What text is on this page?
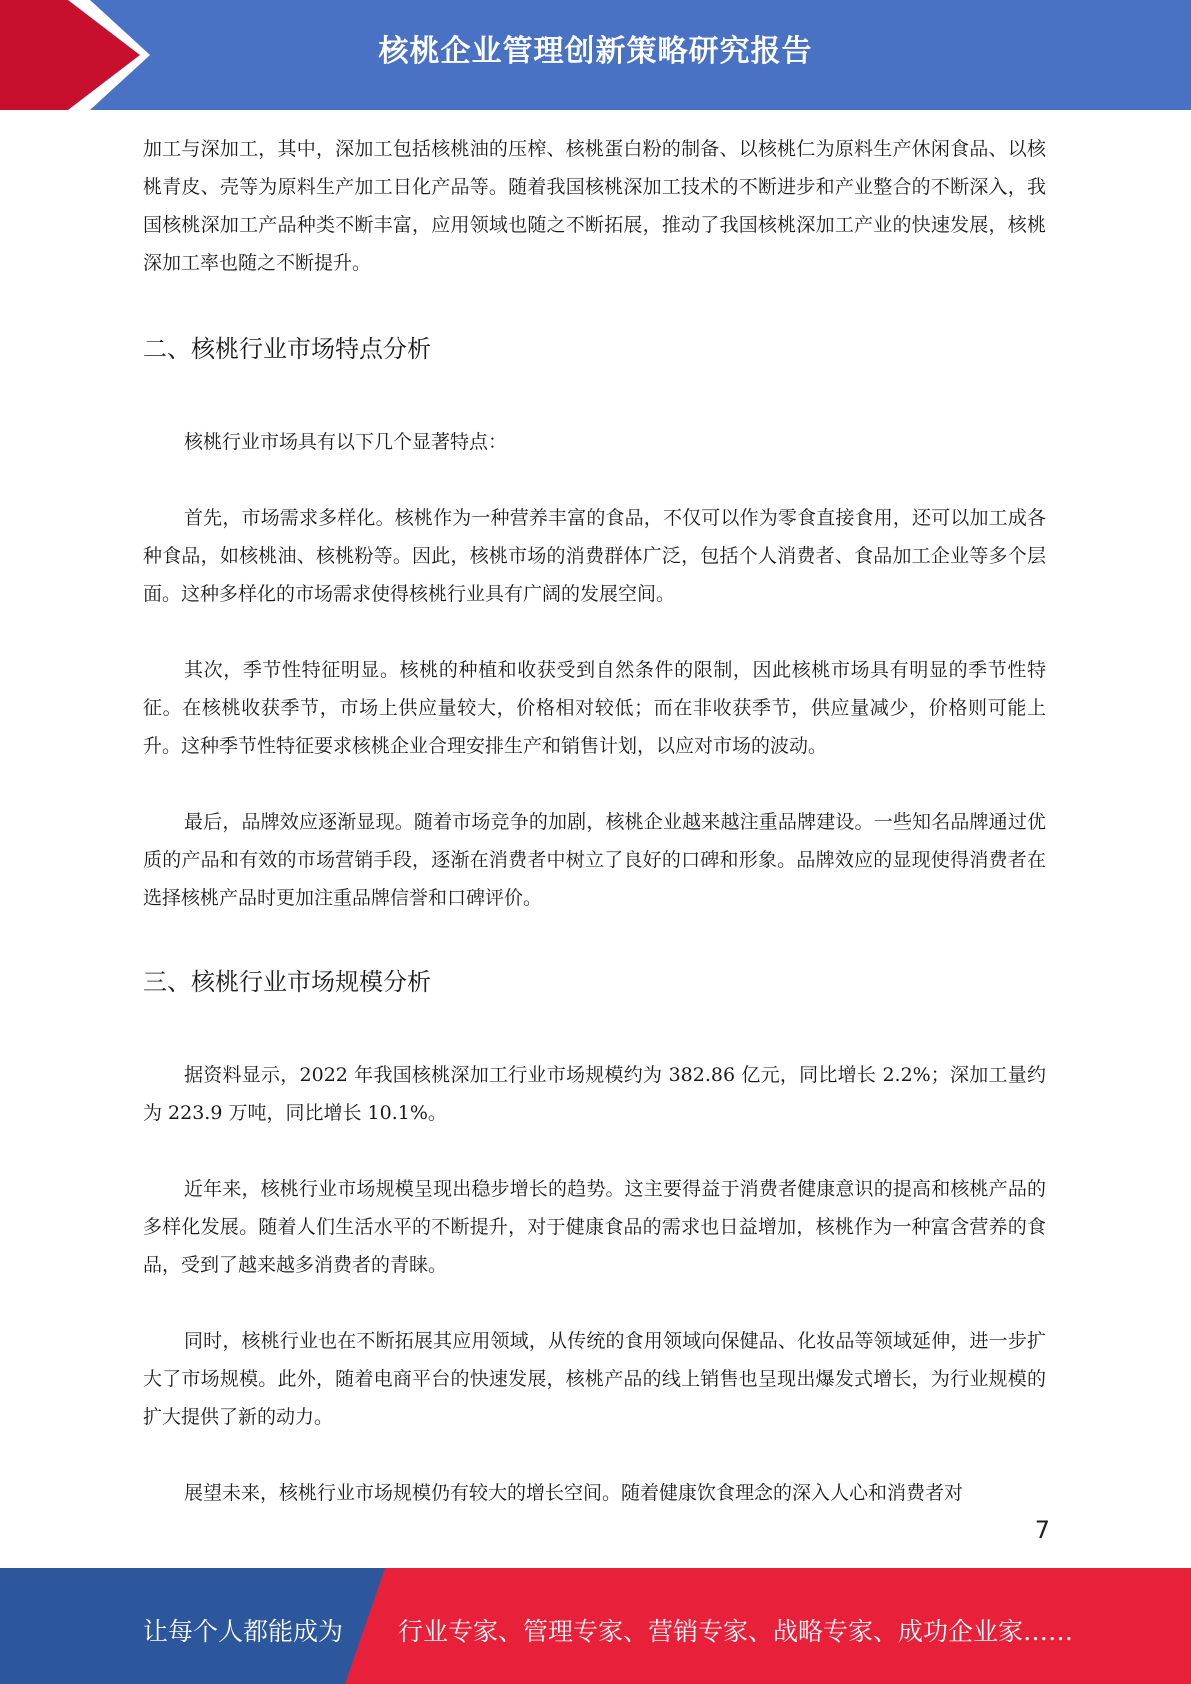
核桃企业管理创新策略研究报告

加工与深加工，其中，深加工包括核桃油的压榨、核桃蛋白粉的制备、以核桃仁为原料生产休闲食品、以核桃青皮、壳等为原料生产加工日化产品等。随着我国核桃深加工技术的不断进步和产业整合的不断深入，我国核桃深加工产品种类不断丰富，应用领域也随之不断拓展，推动了我国核桃深加工产业的快速发展，核桃深加工率也随之不断提升。

二、核桃行业市场特点分析

核桃行业市场具有以下几个显著特点：

首先，市场需求多样化。核桃作为一种营养丰富的食品，不仅可以作为零食直接食用，还可以加工成各种食品，如核桃油、核桃粉等。因此，核桃市场的消费群体广泛，包括个人消费者、食品加工企业等多个层面。这种多样化的市场需求使得核桃行业具有广阔的发展空间。

其次，季节性特征明显。核桃的种植和收获受到自然条件的限制，因此核桃市场具有明显的季节性特征。在核桃收获季节，市场上供应量较大，价格相对较低；而在非收获季节，供应量减少，价格则可能上升。这种季节性特征要求核桃企业合理安排生产和销售计划，以应对市场的波动。

最后，品牌效应逐渐显现。随着市场竞争的加剧，核桃企业越来越注重品牌建设。一些知名品牌通过优质的产品和有效的市场营销手段，逐渐在消费者中树立了良好的口碑和形象。品牌效应的显现使得消费者在选择核桃产品时更加注重品牌信誉和口碑评价。

三、核桃行业市场规模分析

据资料显示，2022 年我国核桃深加工行业市场规模约为 382.86 亿元，同比增长 2.2%；深加工量约为 223.9 万吨，同比增长 10.1%。

近年来，核桃行业市场规模呈现出稳步增长的趋势。这主要得益于消费者健康意识的提高和核桃产品的多样化发展。随着人们生活水平的不断提升，对于健康食品的需求也日益增加，核桃作为一种富含营养的食品，受到了越来越多消费者的青睐。

同时，核桃行业也在不断拓展其应用领域，从传统的食用领域向保健品、化妆品等领域延伸，进一步扩大了市场规模。此外，随着电商平台的快速发展，核桃产品的线上销售也呈现出爆发式增长，为行业规模的扩大提供了新的动力。

展望未来，核桃行业市场规模仍有较大的增长空间。随着健康饮食理念的深入人心和消费者对

7
让每个人都能成为 行业专家、管理专家、营销专家、战略专家、成功企业家……
